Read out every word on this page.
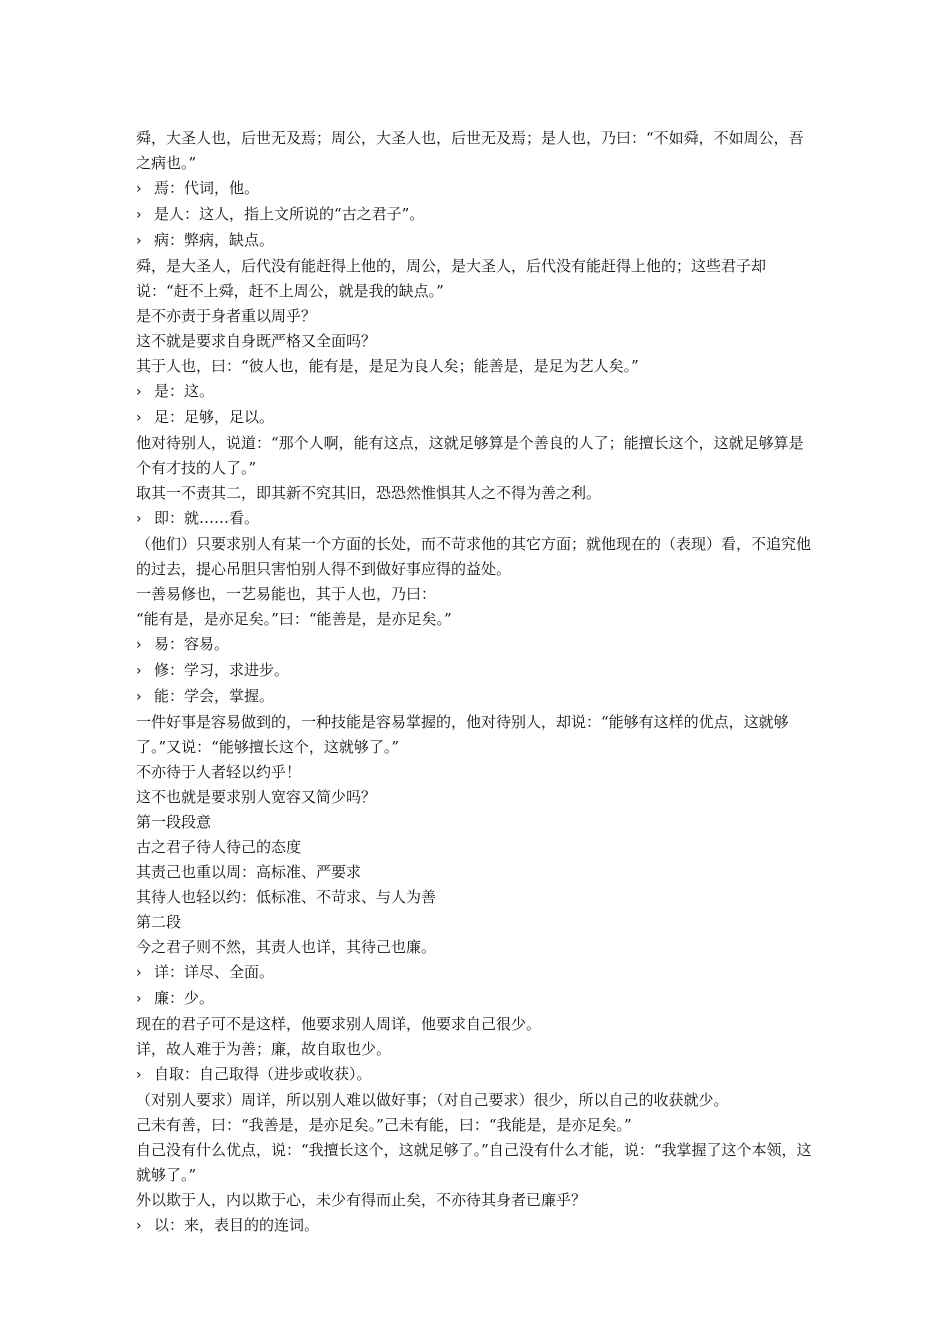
舜，大圣人也，后世无及焉；周公，大圣人也，后世无及焉；是人也，乃曰：“不如舜，不如周公，吾之病也。”

› 焉：代词，他。

› 是人：这人，指上文所说的“古之君子”。

› 病：弊病，缺点。

舜，是大圣人，后代没有能赶得上他的，周公，是大圣人，后代没有能赶得上他的；这些君子却说：“赶不上舜，赶不上周公，就是我的缺点。”

是不亦责于身者重以周乎？

这不就是要求自身既严格又全面吗？

其于人也，曰：“彼人也，能有是，是足为良人矣；能善是，是足为艺人矣。”

› 是：这。

› 足：足够，足以。

他对待别人，说道：“那个人啊，能有这点，这就足够算是个善良的人了；能擅长这个，这就足够算是个有才技的人了。”

取其一不责其二，即其新不究其旧，恐恐然惟惧其人之不得为善之利。

› 即：就……看。

（他们）只要求别人有某一个方面的长处，而不苛求他的其它方面；就他现在的（表现）看，不追究他的过去，提心吊胆只害怕别人得不到做好事应得的益处。

一善易修也，一艺易能也，其于人也，乃曰：

“能有是，是亦足矣。”曰：“能善是，是亦足矣。”

› 易：容易。

› 修：学习，求进步。

› 能：学会，掌握。

一件好事是容易做到的，一种技能是容易掌握的，他对待别人，却说：“能够有这样的优点，这就够了。”又说：“能够擅长这个，这就够了。”

不亦待于人者轻以约乎！

这不也就是要求别人宽容又简少吗？

第一段段意

古之君子待人待己的态度

其责己也重以周：高标准、严要求

其待人也轻以约：低标准、不苛求、与人为善

第二段

今之君子则不然，其责人也详，其待己也廉。

› 详：详尽、全面。

› 廉：少。

现在的君子可不是这样，他要求别人周详，他要求自己很少。

详，故人难于为善；廉，故自取也少。

› 自取：自己取得（进步或收获）。

（对别人要求）周详，所以别人难以做好事；（对自己要求）很少，所以自己的收获就少。

己未有善，曰：“我善是，是亦足矣。”己未有能，曰：“我能是，是亦足矣。”

自己没有什么优点，说：“我擅长这个，这就足够了。”自己没有什么才能，说：“我掌握了这个本领，这就够了。”

外以欺于人，内以欺于心，未少有得而止矣，不亦待其身者已廉乎？

› 以：来，表目的的连词。
